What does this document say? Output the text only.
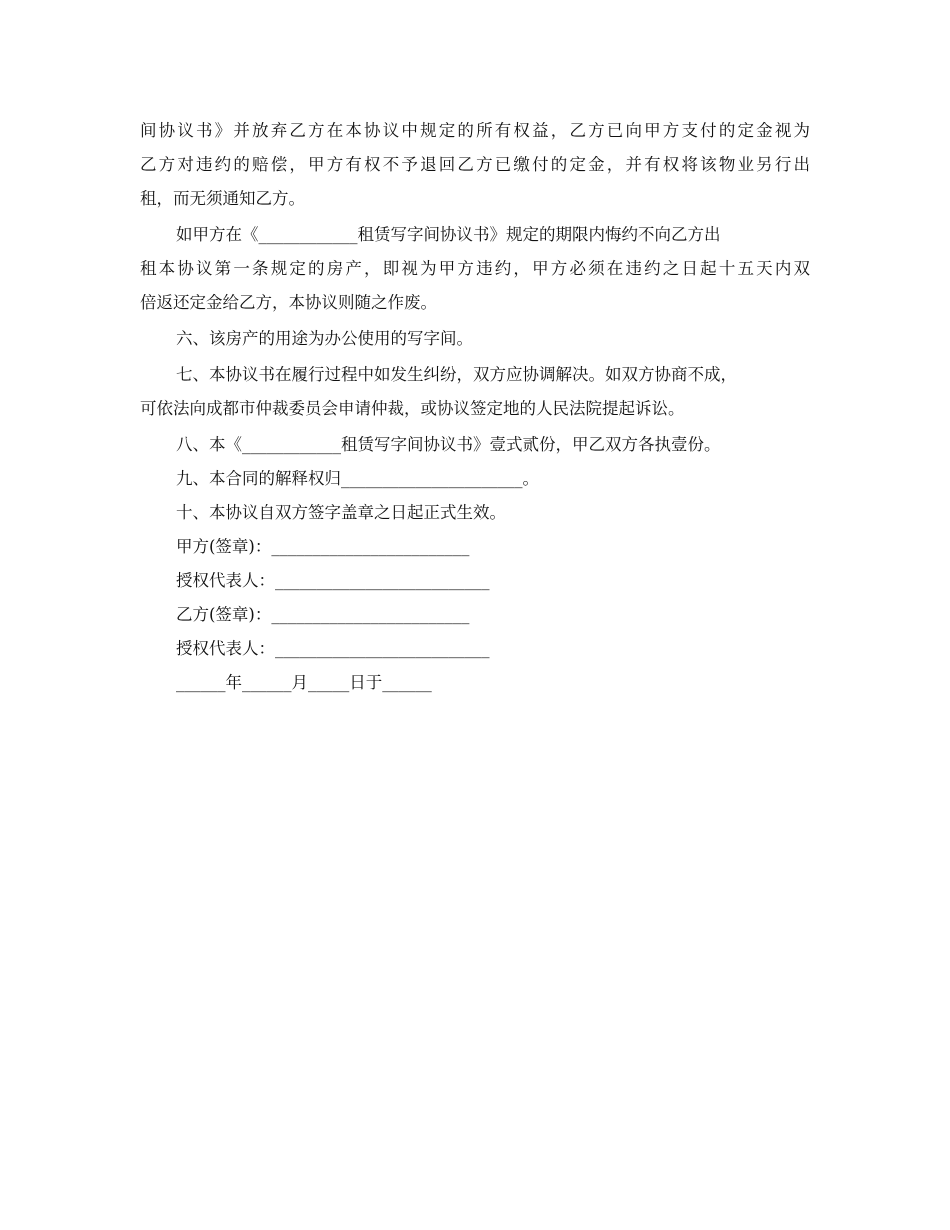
间协议书》并放弃乙方在本协议中规定的所有权益，乙方已向甲方支付的定金视为
乙方对违约的赔偿，甲方有权不予退回乙方已缴付的定金，并有权将该物业另行出
租，而无须通知乙方。
如甲方在《____________租赁写字间协议书》规定的期限内悔约不向乙方出
租本协议第一条规定的房产，即视为甲方违约，甲方必须在违约之日起十五天内双
倍返还定金给乙方，本协议则随之作废。
六、该房产的用途为办公使用的写字间。
七、本协议书在履行过程中如发生纠纷，双方应协调解决。如双方协商不成，
可依法向成都市仲裁委员会申请仲裁，或协议签定地的人民法院提起诉讼。
八、本《____________租赁写字间协议书》壹式贰份，甲乙双方各执壹份。
九、本合同的解释权归______________________。
十、本协议自双方签字盖章之日起正式生效。
甲方(签章)：________________________
授权代表人：__________________________
乙方(签章)：________________________
授权代表人：__________________________
______年______月_____日于______
